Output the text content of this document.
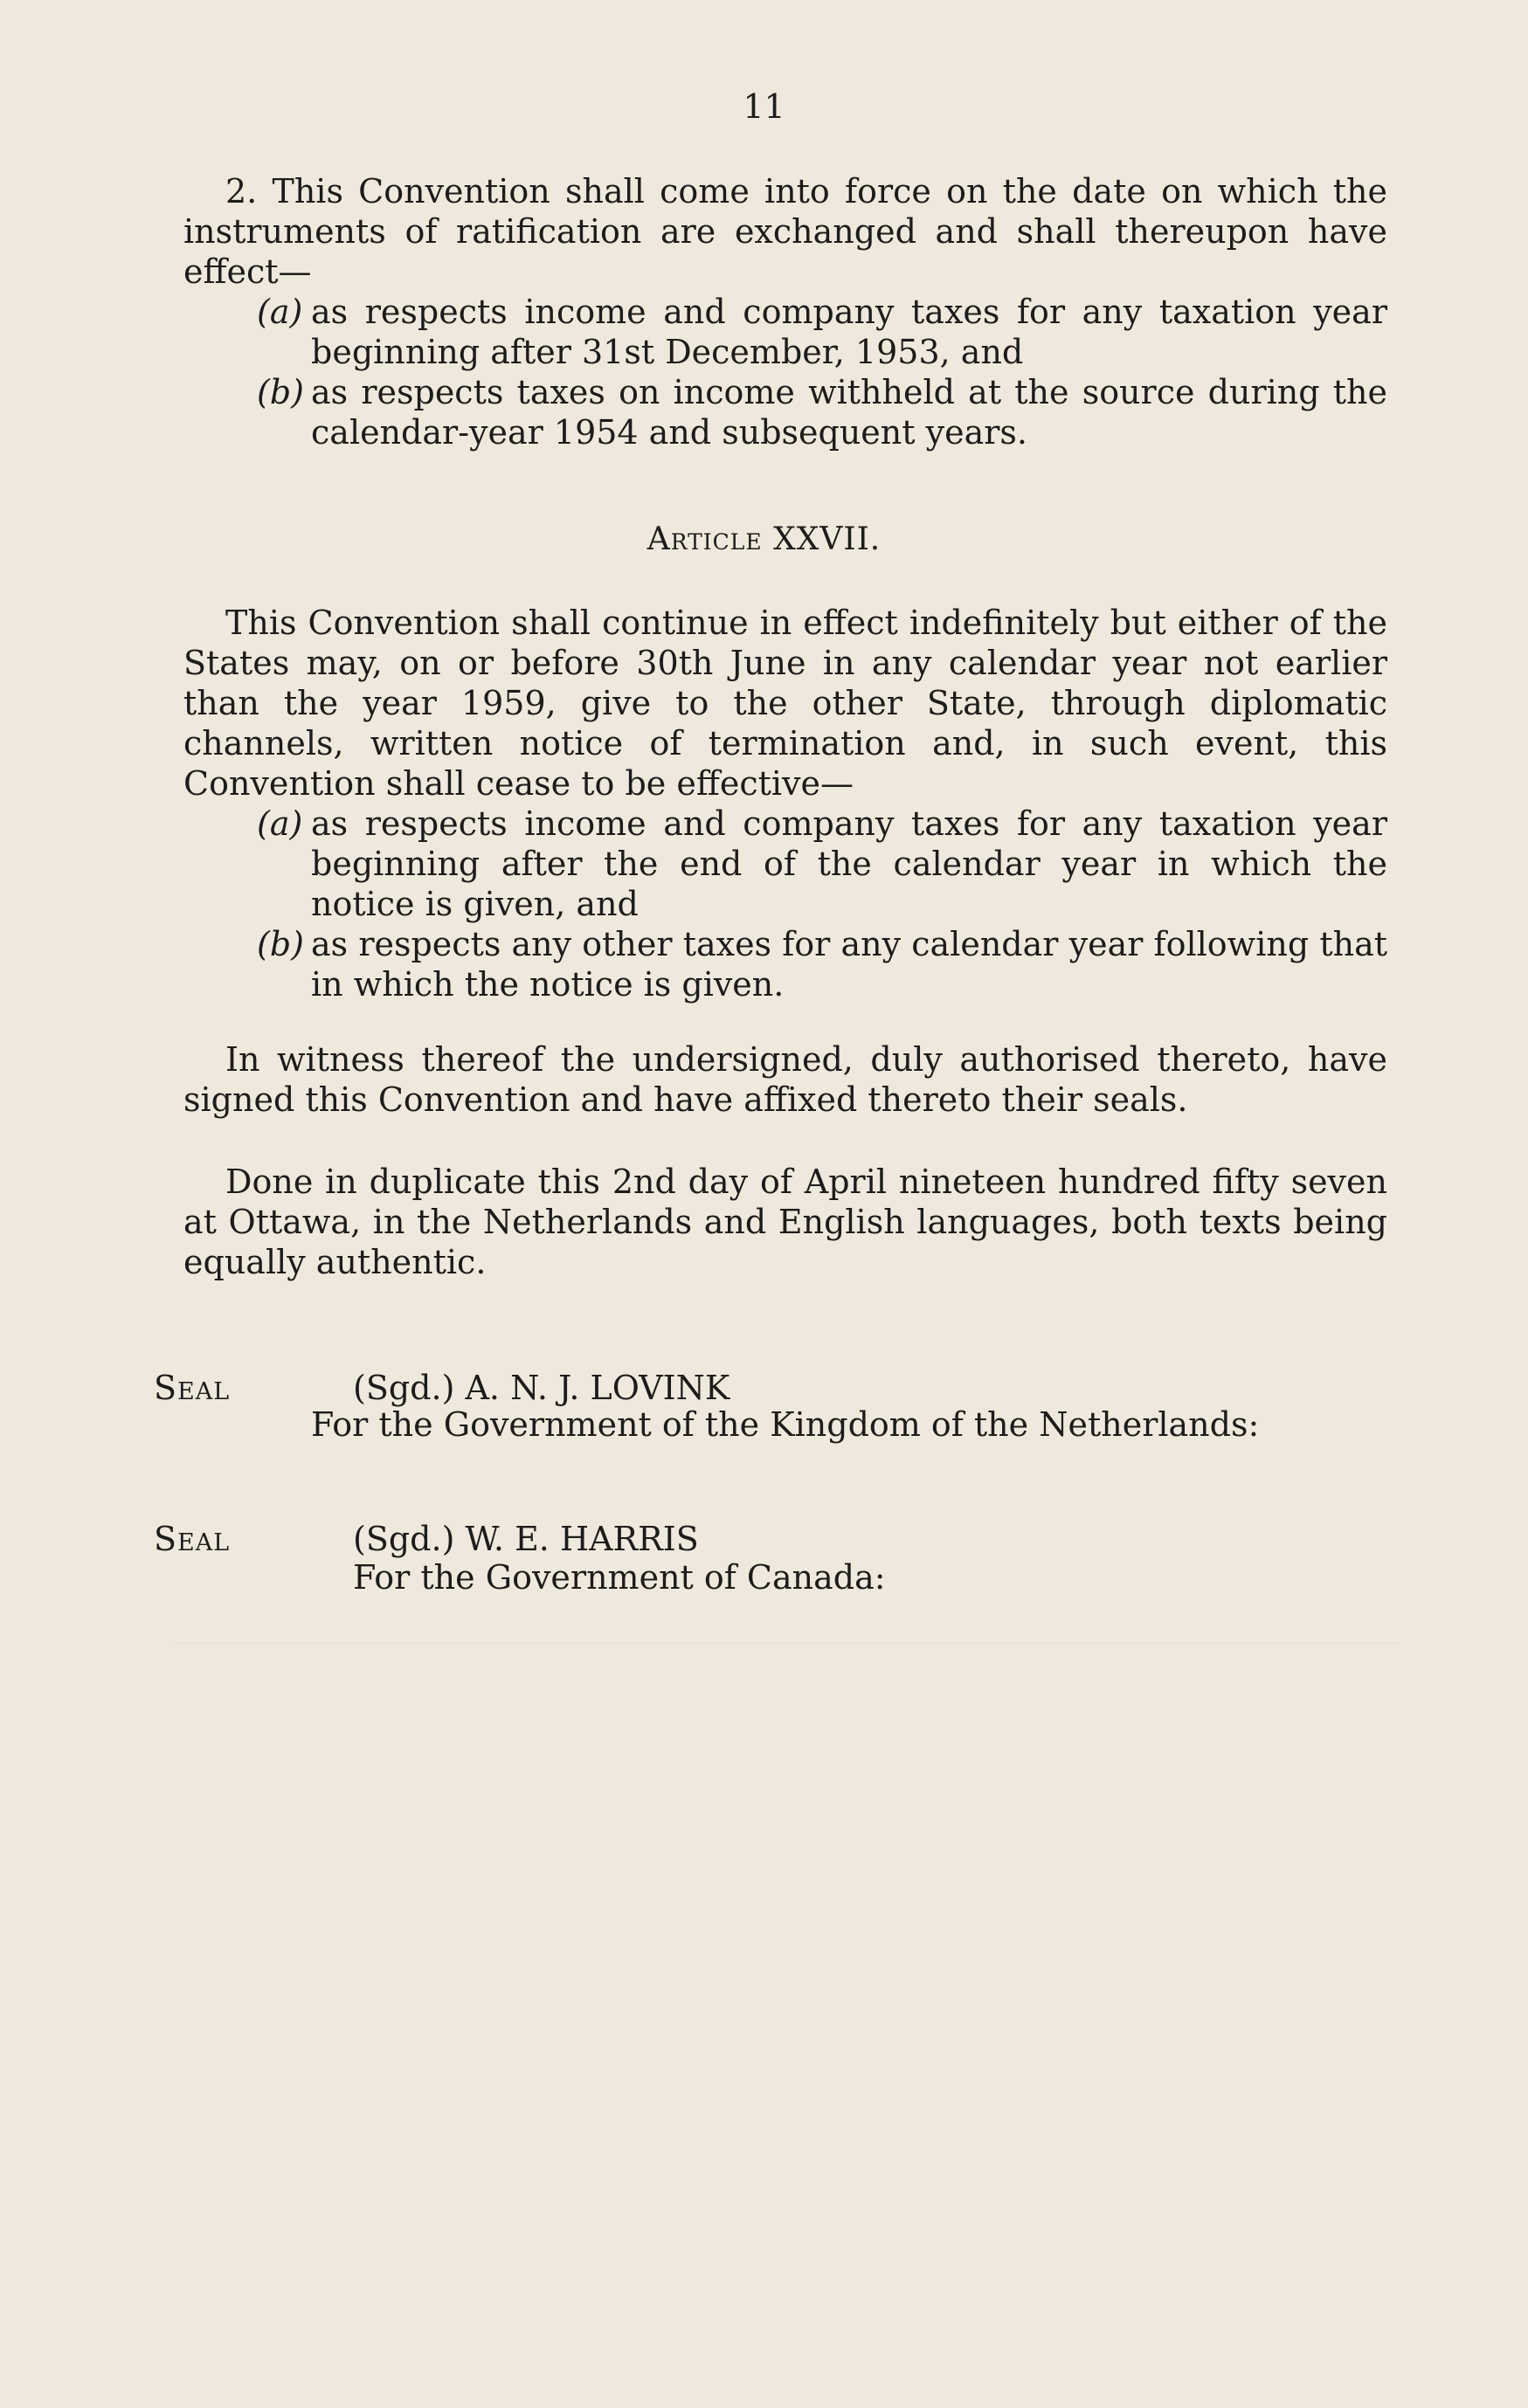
11

2. This Convention shall come into force on the date on which the instruments of ratification are exchanged and shall thereupon have effect—

(a) as respects income and company taxes for any taxation year beginning after 31st December, 1953, and

(b) as respects taxes on income withheld at the source during the calendar-year 1954 and subsequent years.

Article XXVII.

This Convention shall continue in effect indefinitely but either of the States may, on or before 30th June in any calendar year not earlier than the year 1959, give to the other State, through diplomatic channels, written notice of termination and, in such event, this Convention shall cease to be effective—

(a) as respects income and company taxes for any taxation year beginning after the end of the calendar year in which the notice is given, and

(b) as respects any other taxes for any calendar year following that in which the notice is given.

In witness thereof the undersigned, duly authorised thereto, have signed this Convention and have affixed thereto their seals.

Done in duplicate this 2nd day of April nineteen hundred fifty seven at Ottawa, in the Netherlands and English languages, both texts being equally authentic.

Seal	(Sgd.) A. N. J. LOVINK
For the Government of the Kingdom of the Netherlands:
Seal	(Sgd.) W. E. HARRIS
For the Government of Canada:
